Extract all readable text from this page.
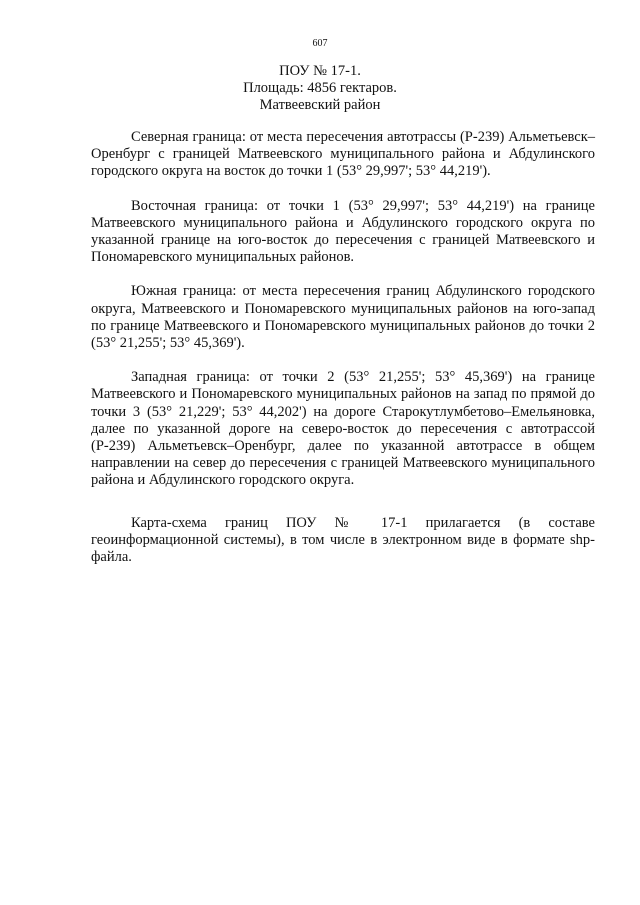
607
ПОУ № 17-1.
Площадь: 4856 гектаров.
Матвеевский район

Северная граница: от места пересечения автотрассы (Р-239) Альметьевск–Оренбург с границей Матвеевского муниципального района и Абдулинского городского округа на восток до точки 1 (53° 29,997'; 53° 44,219').

Восточная граница: от точки 1 (53° 29,997'; 53° 44,219') на границе Матвеевского муниципального района и Абдулинского городского округа по указанной границе на юго-восток до пересечения с границей Матвеевского и Пономаревского муниципальных районов.

Южная граница: от места пересечения границ Абдулинского городского округа, Матвеевского и Пономаревского муниципальных районов на юго-запад по границе Матвеевского и Пономаревского муниципальных районов до точки 2 (53° 21,255'; 53° 45,369').

Западная граница: от точки 2 (53° 21,255'; 53° 45,369') на границе Матвеевского и Пономаревского муниципальных районов на запад по прямой до точки 3 (53° 21,229'; 53° 44,202') на дороге Старокутлумбетово–Емельяновка, далее по указанной дороге на северо-восток до пересечения с автотрассой (Р-239) Альметьевск–Оренбург, далее по указанной автотрассе в общем направлении на север до пересечения с границей Матвеевского муниципального района и Абдулинского городского округа.

Карта-схема границ ПОУ № 17-1 прилагается (в составе геоинформационной системы), в том числе в электронном виде в формате shp-файла.
